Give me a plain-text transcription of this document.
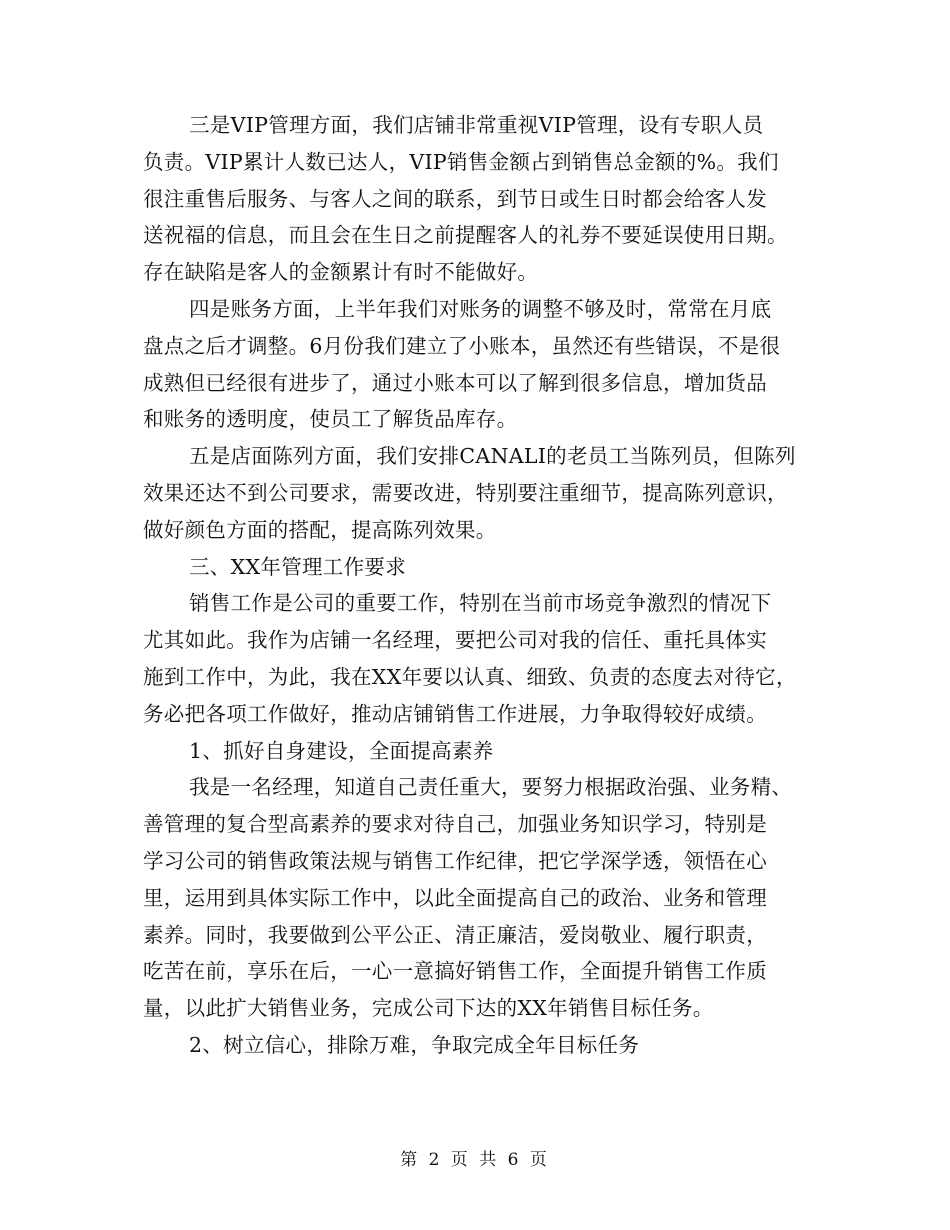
三是VIP管理方面，我们店铺非常重视VIP管理，设有专职人员
负责。VIP累计人数已达人，VIP销售金额占到销售总金额的%。我们
很注重售后服务、与客人之间的联系，到节日或生日时都会给客人发
送祝福的信息，而且会在生日之前提醒客人的礼券不要延误使用日期。
存在缺陷是客人的金额累计有时不能做好。
四是账务方面，上半年我们对账务的调整不够及时，常常在月底
盘点之后才调整。6月份我们建立了小账本，虽然还有些错误，不是很
成熟但已经很有进步了，通过小账本可以了解到很多信息，增加货品
和账务的透明度，使员工了解货品库存。
五是店面陈列方面，我们安排CANALI的老员工当陈列员，但陈列
效果还达不到公司要求，需要改进，特别要注重细节，提高陈列意识，
做好颜色方面的搭配，提高陈列效果。
三、XX年管理工作要求
销售工作是公司的重要工作，特别在当前市场竞争激烈的情况下
尤其如此。我作为店铺一名经理，要把公司对我的信任、重托具体实
施到工作中，为此，我在XX年要以认真、细致、负责的态度去对待它，
务必把各项工作做好，推动店铺销售工作进展，力争取得较好成绩。
1、抓好自身建设，全面提高素养
我是一名经理，知道自己责任重大，要努力根据政治强、业务精、
善管理的复合型高素养的要求对待自己，加强业务知识学习，特别是
学习公司的销售政策法规与销售工作纪律，把它学深学透，领悟在心
里，运用到具体实际工作中，以此全面提高自己的政治、业务和管理
素养。同时，我要做到公平公正、清正廉洁，爱岗敬业、履行职责，
吃苦在前，享乐在后，一心一意搞好销售工作，全面提升销售工作质
量，以此扩大销售业务，完成公司下达的XX年销售目标任务。
2、树立信心，排除万难，争取完成全年目标任务
第 2 页 共 6 页
